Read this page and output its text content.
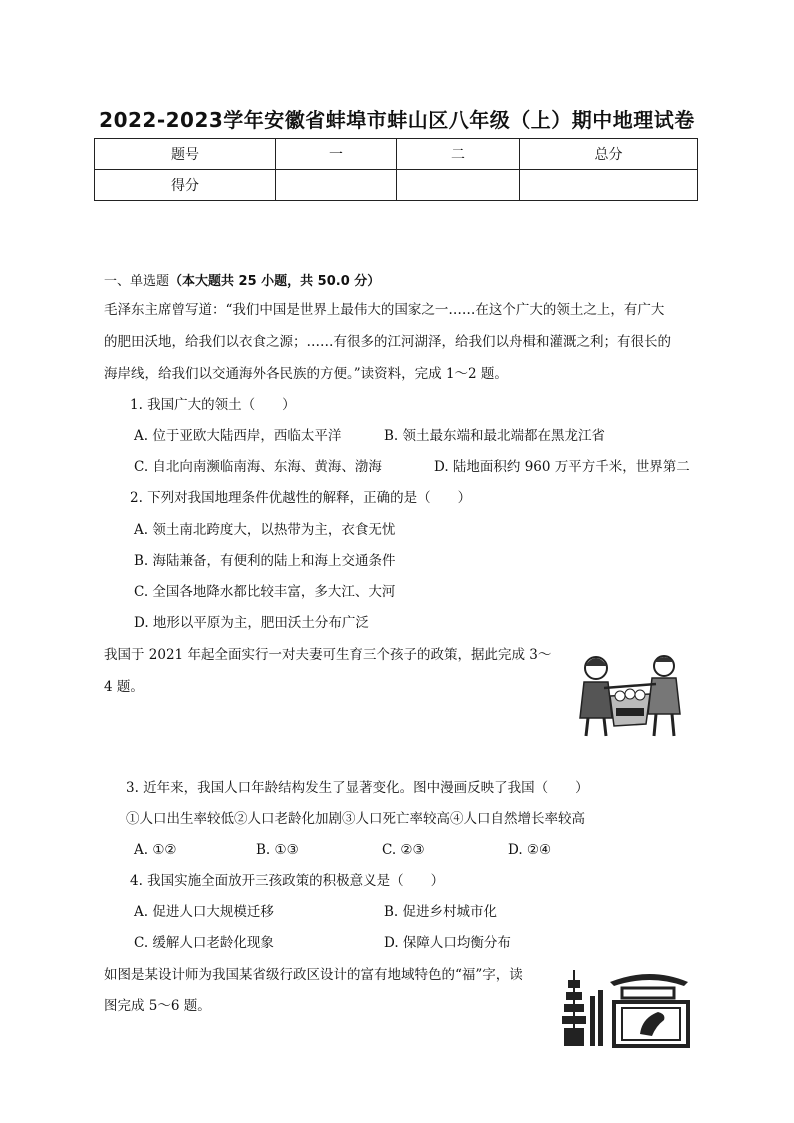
2022-2023学年安徽省蚌埠市蚌山区八年级（上）期中地理试卷
题号	一	二	总分
得分			
一、单选题（本大题共 25 小题，共 50.0 分）
毛泽东主席曾写道：“我们中国是世界上最伟大的国家之一……在这个广大的领土之上，有广大
的肥田沃地，给我们以衣食之源；……有很多的江河湖泽，给我们以舟楫和灌溉之利；有很长的
海岸线，给我们以交通海外各民族的方便。”读资料，完成 1～2 题。
1. 我国广大的领土（　　）
A. 位于亚欧大陆西岸，西临太平洋	B. 领土最东端和最北端都在黑龙江省
C. 自北向南濒临南海、东海、黄海、渤海	D. 陆地面积约 960 万平方千米，世界第二
2. 下列对我国地理条件优越性的解释，正确的是（　　）
A. 领土南北跨度大，以热带为主，衣食无忧
B. 海陆兼备，有便利的陆上和海上交通条件
C. 全国各地降水都比较丰富，多大江、大河
D. 地形以平原为主，肥田沃土分布广泛
我国于 2021 年起全面实行一对夫妻可生育三个孩子的政策，据此完成 3～
4 题。
3. 近年来，我国人口年龄结构发生了显著变化。图中漫画反映了我国（　　）
①人口出生率较低②人口老龄化加剧③人口死亡率较高④人口自然增长率较高
A. ①②	B. ①③	C. ②③	D. ②④
4. 我国实施全面放开三孩政策的积极意义是（　　）
A. 促进人口大规模迁移	B. 促进乡村城市化
C. 缓解人口老龄化现象	D. 保障人口均衡分布
如图是某设计师为我国某省级行政区设计的富有地域特色的“福”字，读
图完成 5～6 题。
